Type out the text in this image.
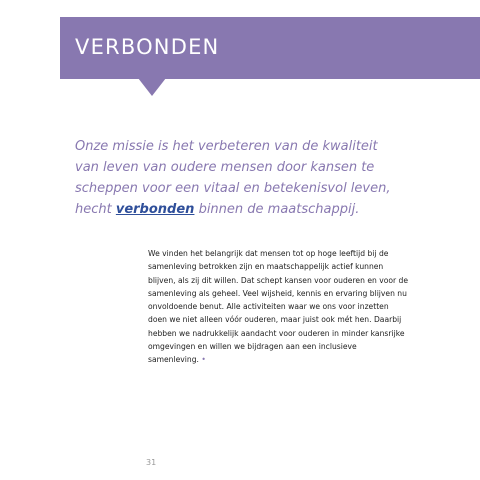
VERBONDEN

Onze missie is het verbeteren van de kwaliteit van leven van oudere mensen door kansen te scheppen voor een vitaal en betekenisvol leven, hecht verbonden binnen de maatschappij.

We vinden het belangrijk dat mensen tot op hoge leeftijd bij de samenleving betrokken zijn en maatschappelijk actief kunnen blijven, als zij dit willen. Dat schept kansen voor ouderen en voor de samenleving als geheel. Veel wijsheid, kennis en ervaring blijven nu onvoldoende benut. Alle activiteiten waar we ons voor inzetten doen we niet alleen vóór ouderen, maar juist ook mét hen. Daarbij hebben we nadrukkelijk aandacht voor ouderen in minder kansrijke omgevingen en willen we bijdragen aan een inclusieve samenleving. •

31
